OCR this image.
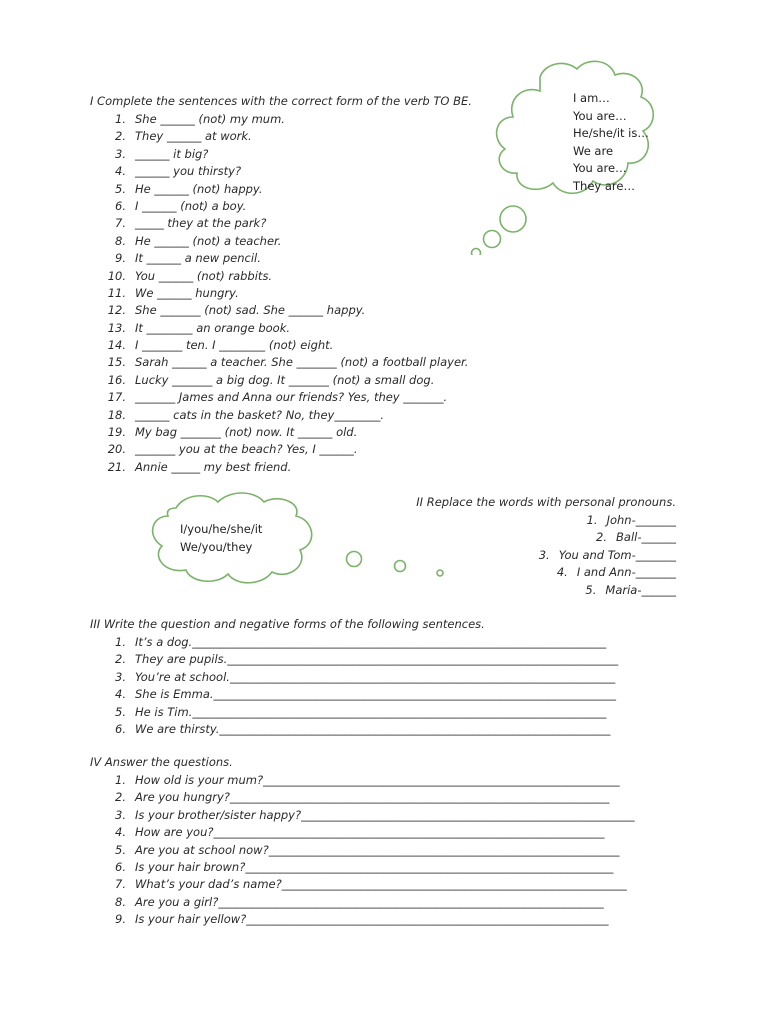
I Complete the sentences with the correct form of the verb TO BE.
1. She ______ (not) my mum.
2. They ______ at work.
3. ______ it big?
4. ______ you thirsty?
5. He ______ (not) happy.
6. I ______ (not) a boy.
7. _____ they at the park?
8. He ______ (not) a teacher.
9. It ______ a new pencil.
10. You ______ (not) rabbits.
11. We ______ hungry.
12. She _______ (not) sad. She ______ happy.
13. It ________ an orange book.
14. I _______ ten. I ________ (not) eight.
15. Sarah ______ a teacher. She _______ (not) a football player.
16. Lucky _______ a big dog. It _______ (not) a small dog.
17. _______ James and Anna our friends? Yes, they _______.
18. ______ cats in the basket? No, they________.
19. My bag _______ (not) now. It ______ old.
20. _______ you at the beach? Yes, I ______.
21. Annie _____ my best friend.
I am…
You are…
He/she/it is…
We are
You are…
They are…
I/you/he/she/it
We/you/they
II Replace the words with personal pronouns.
1. John-_______
2. Ball-______
3. You and Tom-_______
4. I and Ann-_______
5. Maria-______
III Write the question and negative forms of the following sentences.
1. It’s a dog. ________________________________________________________________________
2. They are pupils. ____________________________________________________________________
3. You’re at school. ___________________________________________________________________
4. She is Emma. ______________________________________________________________________
5. He is Tim. ________________________________________________________________________
6. We are thirsty. ____________________________________________________________________
IV Answer the questions.
1. How old is your mum? ______________________________________________________________
2. Are you hungry? __________________________________________________________________
3. Is your brother/sister happy? __________________________________________________________
4. How are you? ____________________________________________________________________
5. Are you at school now? _____________________________________________________________
6. Is your hair brown? ________________________________________________________________
7. What’s your dad’s name? ____________________________________________________________
8. Are you a girl? ___________________________________________________________________
9. Is your hair yellow? _______________________________________________________________
